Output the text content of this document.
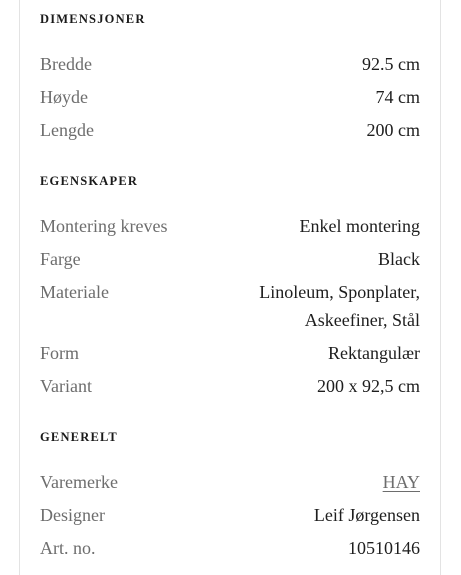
DIMENSJONER
Bredde	92.5 cm
Høyde	74 cm
Lengde	200 cm
EGENSKAPER
Montering kreves	Enkel montering
Farge	Black
Materiale	Linoleum, Sponplater, Askeefiner, Stål
Form	Rektangulær
Variant	200 x 92,5 cm
GENERELT
Varemerke	HAY
Designer	Leif Jørgensen
Art. no.	10510146
